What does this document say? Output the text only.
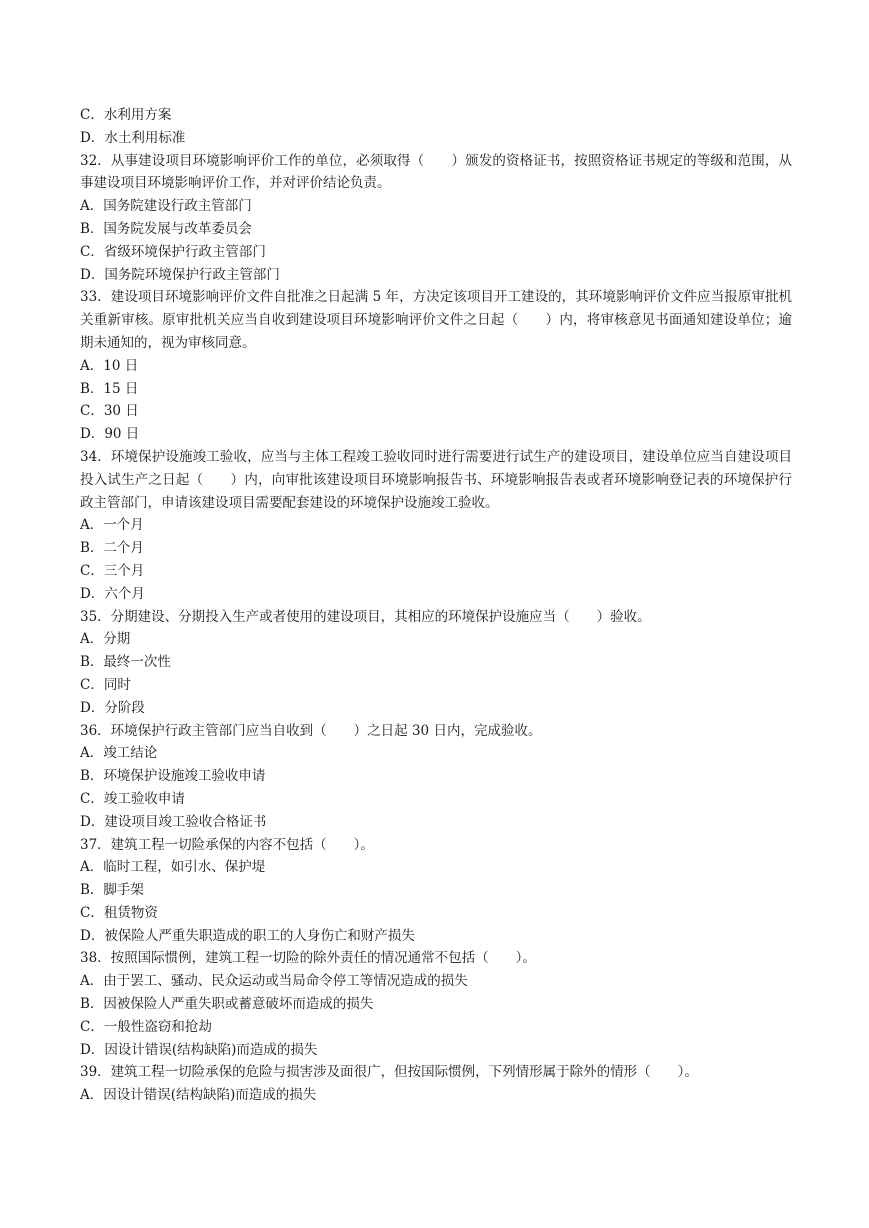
C．水利用方案
D．水土利用标准
32．从事建设项目环境影响评价工作的单位，必须取得（　　）颁发的资格证书，按照资格证书规定的等级和范围，从事建设项目环境影响评价工作，并对评价结论负责。
A．国务院建设行政主管部门
B．国务院发展与改革委员会
C．省级环境保护行政主管部门
D．国务院环境保护行政主管部门
33．建设项目环境影响评价文件自批准之日起满 5 年，方决定该项目开工建设的，其环境影响评价文件应当报原审批机关重新审核。原审批机关应当自收到建设项目环境影响评价文件之日起（　　）内，将审核意见书面通知建设单位；逾期未通知的，视为审核同意。
A．10 日
B．15 日
C．30 日
D．90 日
34．环境保护设施竣工验收，应当与主体工程竣工验收同时进行需要进行试生产的建设项目，建设单位应当自建设项目投入试生产之日起（　　）内，向审批该建设项目环境影响报告书、环境影响报告表或者环境影响登记表的环境保护行政主管部门，申请该建设项目需要配套建设的环境保护设施竣工验收。
A．一个月
B．二个月
C．三个月
D．六个月
35．分期建设、分期投入生产或者使用的建设项目，其相应的环境保护设施应当（　　）验收。
A．分期
B．最终一次性
C．同时
D．分阶段
36．环境保护行政主管部门应当自收到（　　）之日起 30 日内，完成验收。
A．竣工结论
B．环境保护设施竣工验收申请
C．竣工验收申请
D．建设项目竣工验收合格证书
37．建筑工程一切险承保的内容不包括（　　）。
A．临时工程，如引水、保护堤
B．脚手架
C．租赁物资
D．被保险人严重失职造成的职工的人身伤亡和财产损失
38．按照国际惯例，建筑工程一切险的除外责任的情况通常不包括（　　）。
A．由于罢工、骚动、民众运动或当局命令停工等情况造成的损失
B．因被保险人严重失职或蓄意破坏而造成的损失
C．一般性盗窃和抢劫
D．因设计错误(结构缺陷)而造成的损失
39．建筑工程一切险承保的危险与损害涉及面很广，但按国际惯例，下列情形属于除外的情形（　　）。
A．因设计错误(结构缺陷)而造成的损失
